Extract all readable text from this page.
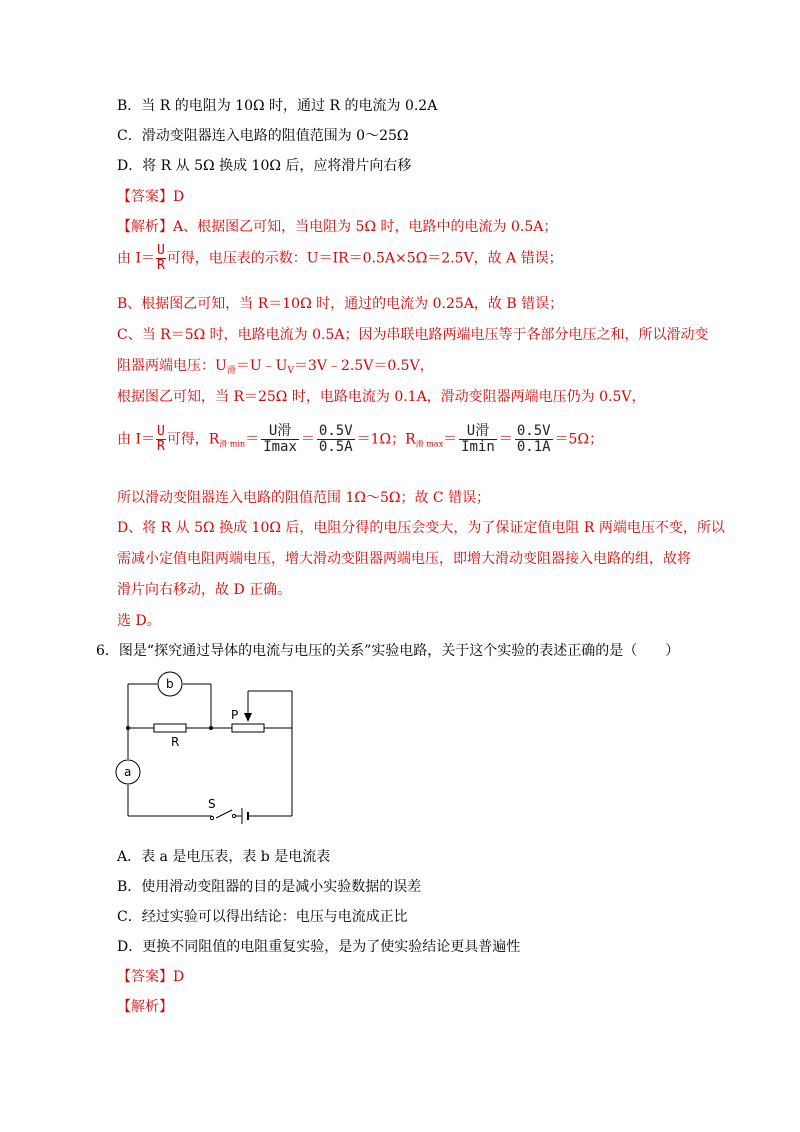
B．当 R 的电阻为 10Ω 时，通过 R 的电流为 0.2A
C．滑动变阻器连入电路的阻值范围为 0～25Ω
D．将 R 从 5Ω 换成 10Ω 后，应将滑片向右移
【答案】D
【解析】A、根据图乙可知，当电阻为 5Ω 时，电路中的电流为 0.5A；
由 $I= \frac{U}{R}$ 可得，电压表的示数：U＝IR＝0.5A×5Ω＝2.5V，故 A 错误；
B、根据图乙可知，当 R＝10Ω 时，通过的电流为 0.25A，故 B 错误；
C、当 R＝5Ω 时，电路电流为 0.5A；因为串联电路两端电压等于各部分电压之和，所以滑动变
阻器两端电压：$U_滑=U﹣U_V=3V﹣2.5V=0.5V$，
根据图乙可知，当 R＝25Ω 时，电路电流为 0.1A，滑动变阻器两端电压仍为 0.5V，
由 $I= \frac{U}{R}$ 可得，$R_{滑 min}= \frac{\text{U滑}}{Imax} = \frac{0.5V}{0.5A} =1\Omega$；$R_{滑 max}= \frac{\text{U滑}}{Imin} = \frac{0.5V}{0.1A} =5\Omega$；
所以滑动变阻器连入电路的阻值范围 1Ω～5Ω；故 C 错误；
D、将 R 从 5Ω 换成 10Ω 后，电阻分得的电压会变大，为了保证定值电阻 R 两端电压不变，所以
需减小定值电阻两端电压，增大滑动变阻器两端电压，即增大滑动变阻器接入电路的组，故将
滑片向右移动，故 D 正确。
选 D。
6．图是“探究通过导体的电流与电压的关系”实验电路，关于这个实验的表述正确的是（　　）
b
a
R
P
S
A．表 a 是电压表，表 b 是电流表
B．使用滑动变阻器的目的是减小实验数据的误差
C．经过实验可以得出结论：电压与电流成正比
D．更换不同阻值的电阻重复实验，是为了使实验结论更具普遍性
【答案】D
【解析】
